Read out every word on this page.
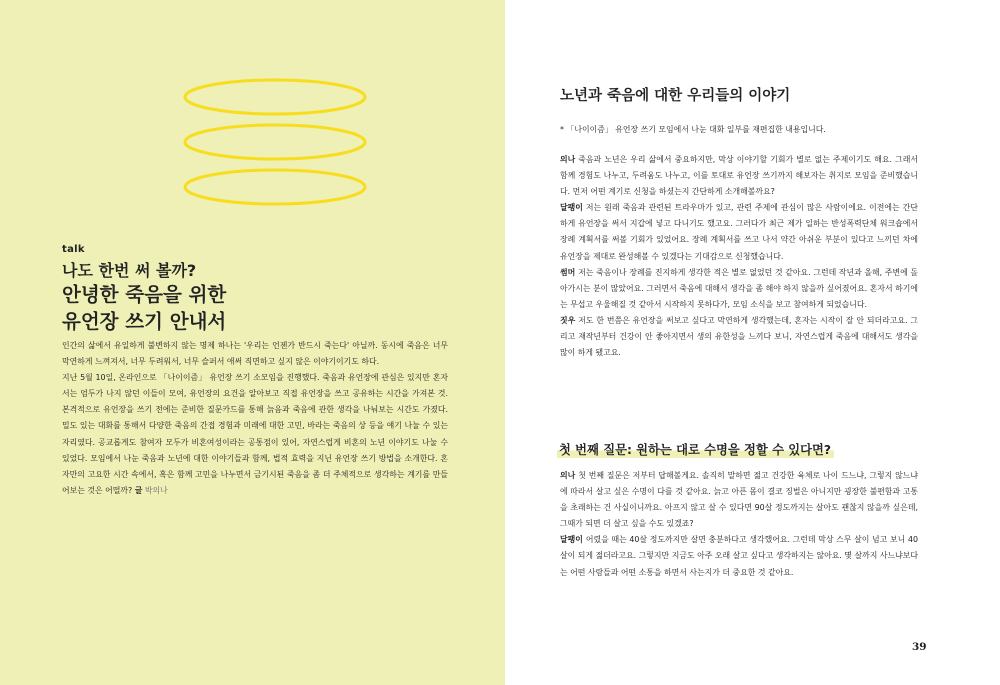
talk
나도 한번 써 볼까?
안녕한 죽음을 위한
유언장 쓰기 안내서

인간의 삶에서 유일하게 불변하지 않는 명제 하나는 '우리는 언젠가 반드시 죽는다' 아닐까. 동시에 죽음은 너무 막연하게 느껴져서, 너무 두려워서, 너무 슬퍼서 애써 직면하고 싶지 않은 이야기이기도 하다.

지난 5월 10일, 온라인으로 「나이이즘」 유언장 쓰기 소모임을 진행했다. 죽음과 유언장에 관심은 있지만 혼자서는 엄두가 나지 않던 이들이 모여, 유언장의 요건을 알아보고 직접 유언장을 쓰고 공유하는 시간을 가져본 것. 본격적으로 유언장을 쓰기 전에는 준비한 질문카드를 통해 늙음과 죽음에 관한 생각을 나눠보는 시간도 가졌다. 밀도 있는 대화를 통해서 다양한 죽음의 간접 경험과 미래에 대한 고민, 바라는 죽음의 상 등을 얘기 나눌 수 있는 자리였다. 공교롭게도 참여자 모두가 비혼여성이라는 공통점이 있어, 자연스럽게 비혼의 노년 이야기도 나눌 수 있었다. 모임에서 나눈 죽음과 노년에 대한 이야기들과 함께, 법적 효력을 지닌 유언장 쓰기 방법을 소개한다. 혼자만의 고요한 시간 속에서, 혹은 함께 고민을 나누면서 금기시된 죽음을 좀 더 주체적으로 생각하는 계기를 만들어보는 것은 어떨까? 글 박의나

노년과 죽음에 대한 우리들의 이야기
* 「나이이즘」 유언장 쓰기 모임에서 나눈 대화 일부를 재편집한 내용입니다.

의나 죽음과 노년은 우리 삶에서 중요하지만, 막상 이야기할 기회가 별로 없는 주제이기도 해요. 그래서 함께 경험도 나누고, 두려움도 나누고, 이를 토대로 유언장 쓰기까지 해보자는 취지로 모임을 준비했습니다. 먼저 어떤 계기로 신청을 하셨는지 간단하게 소개해볼까요?

달팽이 저는 원래 죽음과 관련된 트라우마가 있고, 관련 주제에 관심이 많은 사람이에요. 이전에는 간단하게 유언장을 써서 지갑에 넣고 다니기도 했고요. 그러다가 최근 제가 일하는 반성폭력단체 워크숍에서 장례 계획서를 써볼 기회가 있었어요. 장례 계획서를 쓰고 나서 약간 아쉬운 부분이 있다고 느끼던 차에 유언장을 제대로 완성해볼 수 있겠다는 기대감으로 신청했습니다.

썸머 저는 죽음이나 장례를 진지하게 생각한 적은 별로 없었던 것 같아요. 그런데 작년과 올해, 주변에 돌아가시는 분이 많았어요. 그러면서 죽음에 대해서 생각을 좀 해야 하지 않을까 싶어졌어요. 혼자서 하기에는 무섭고 우울해질 것 같아서 시작하지 못하다가, 모임 소식을 보고 참여하게 되었습니다.

짓우 저도 한 번쯤은 유언장을 써보고 싶다고 막연하게 생각했는데, 혼자는 시작이 잘 안 되더라고요. 그리고 재작년부터 건강이 안 좋아지면서 생의 유한성을 느끼다 보니, 자연스럽게 죽음에 대해서도 생각을 많이 하게 됐고요.

첫 번째 질문: 원하는 대로 수명을 정할 수 있다면?

의나 첫 번째 질문은 저부터 답해볼게요. 솔직히 말하면 젊고 건강한 육체로 나이 드느냐, 그렇지 않느냐에 따라서 살고 싶은 수명이 다를 것 같아요. 늙고 아픈 몸이 결코 징벌은 아니지만 굉장한 불편함과 고통을 초래하는 건 사실이니까요. 아프지 않고 살 수 있다면 90살 정도까지는 살아도 괜찮지 않을까 싶은데, 그때가 되면 더 살고 싶을 수도 있겠죠?

달팽이 어렸을 때는 40살 정도까지만 살면 충분하다고 생각했어요. 그런데 막상 스무 살이 넘고 보니 40살이 되게 젊더라고요. 그렇지만 지금도 아주 오래 살고 싶다고 생각하지는 않아요. 몇 살까지 사느냐보다는 어떤 사람들과 어떤 소통을 하면서 사는지가 더 중요한 것 같아요.

39
